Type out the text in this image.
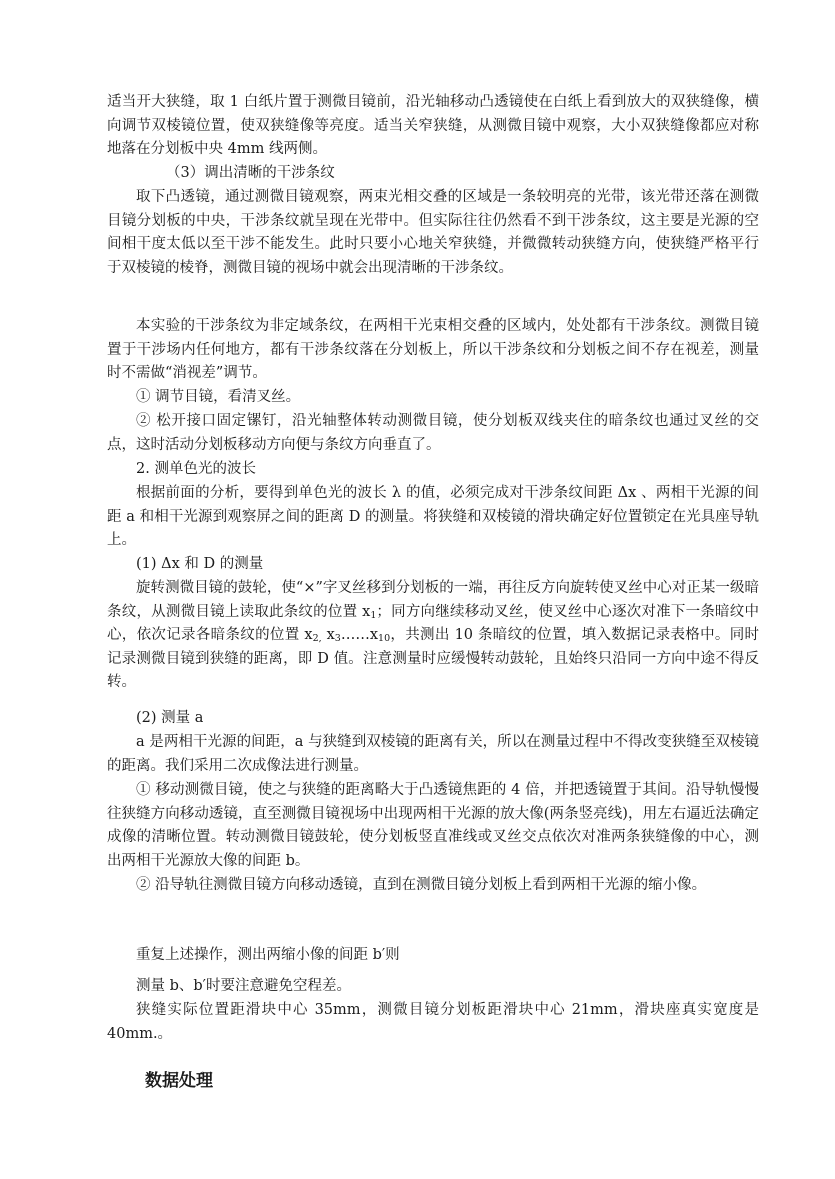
适当开大狭缝，取 1 白纸片置于测微目镜前，沿光轴移动凸透镜使在白纸上看到放大的双狭缝像，横向调节双棱镜位置，使双狭缝像等亮度。适当关窄狭缝，从测微目镜中观察，大小双狭缝像都应对称地落在分划板中央 4mm 线两侧。

（3）调出清晰的干涉条纹

取下凸透镜，通过测微目镜观察，两束光相交叠的区域是一条较明亮的光带，该光带还落在测微目镜分划板的中央，干涉条纹就呈现在光带中。但实际往往仍然看不到干涉条纹，这主要是光源的空间相干度太低以至干涉不能发生。此时只要小心地关窄狭缝，并微微转动狭缝方向，使狭缝严格平行于双棱镜的棱脊，测微目镜的视场中就会出现清晰的干涉条纹。

本实验的干涉条纹为非定域条纹，在两相干光束相交叠的区域内，处处都有干涉条纹。测微目镜置于干涉场内任何地方，都有干涉条纹落在分划板上，所以干涉条纹和分划板之间不存在视差，测量时不需做“消视差”调节。

① 调节目镜，看清叉丝。

② 松开接口固定镙钉，沿光轴整体转动测微目镜，使分划板双线夹住的暗条纹也通过叉丝的交点，这时活动分划板移动方向便与条纹方向垂直了。

2. 测单色光的波长

根据前面的分析，要得到单色光的波长 λ 的值，必须完成对干涉条纹间距 Δx 、两相干光源的间距 a 和相干光源到观察屏之间的距离 D 的测量。将狭缝和双棱镜的滑块确定好位置锁定在光具座导轨上。

(1) Δx 和 D 的测量

旋转测微目镜的鼓轮，使“×”字叉丝移到分划板的一端，再往反方向旋转使叉丝中心对正某一级暗条纹，从测微目镜上读取此条纹的位置 $x_1$；同方向继续移动叉丝，使叉丝中心逐次对准下一条暗纹中心，依次记录各暗条纹的位置 $x_{2,}$ $x_3\dots\dots x_{10}$，共测出 10 条暗纹的位置，填入数据记录表格中。同时记录测微目镜到狭缝的距离，即 D 值。注意测量时应缓慢转动鼓轮，且始终只沿同一方向中途不得反转。

(2) 测量 a

a 是两相干光源的间距，a 与狭缝到双棱镜的距离有关，所以在测量过程中不得改变狭缝至双棱镜的距离。我们采用二次成像法进行测量。

① 移动测微目镜，使之与狭缝的距离略大于凸透镜焦距的 4 倍，并把透镜置于其间。沿导轨慢慢往狭缝方向移动透镜，直至测微目镜视场中出现两相干光源的放大像(两条竖亮线)，用左右逼近法确定成像的清晰位置。转动测微目镜鼓轮，使分划板竖直准线或叉丝交点依次对准两条狭缝像的中心，测出两相干光源放大像的间距 b。

② 沿导轨往测微目镜方向移动透镜，直到在测微目镜分划板上看到两相干光源的缩小像。

重复上述操作，测出两缩小像的间距 b′则

测量 b、b′时要注意避免空程差。

狭缝实际位置距滑块中心 35mm，测微目镜分划板距滑块中心 21mm，滑块座真实宽度是 40mm.。

数据处理
